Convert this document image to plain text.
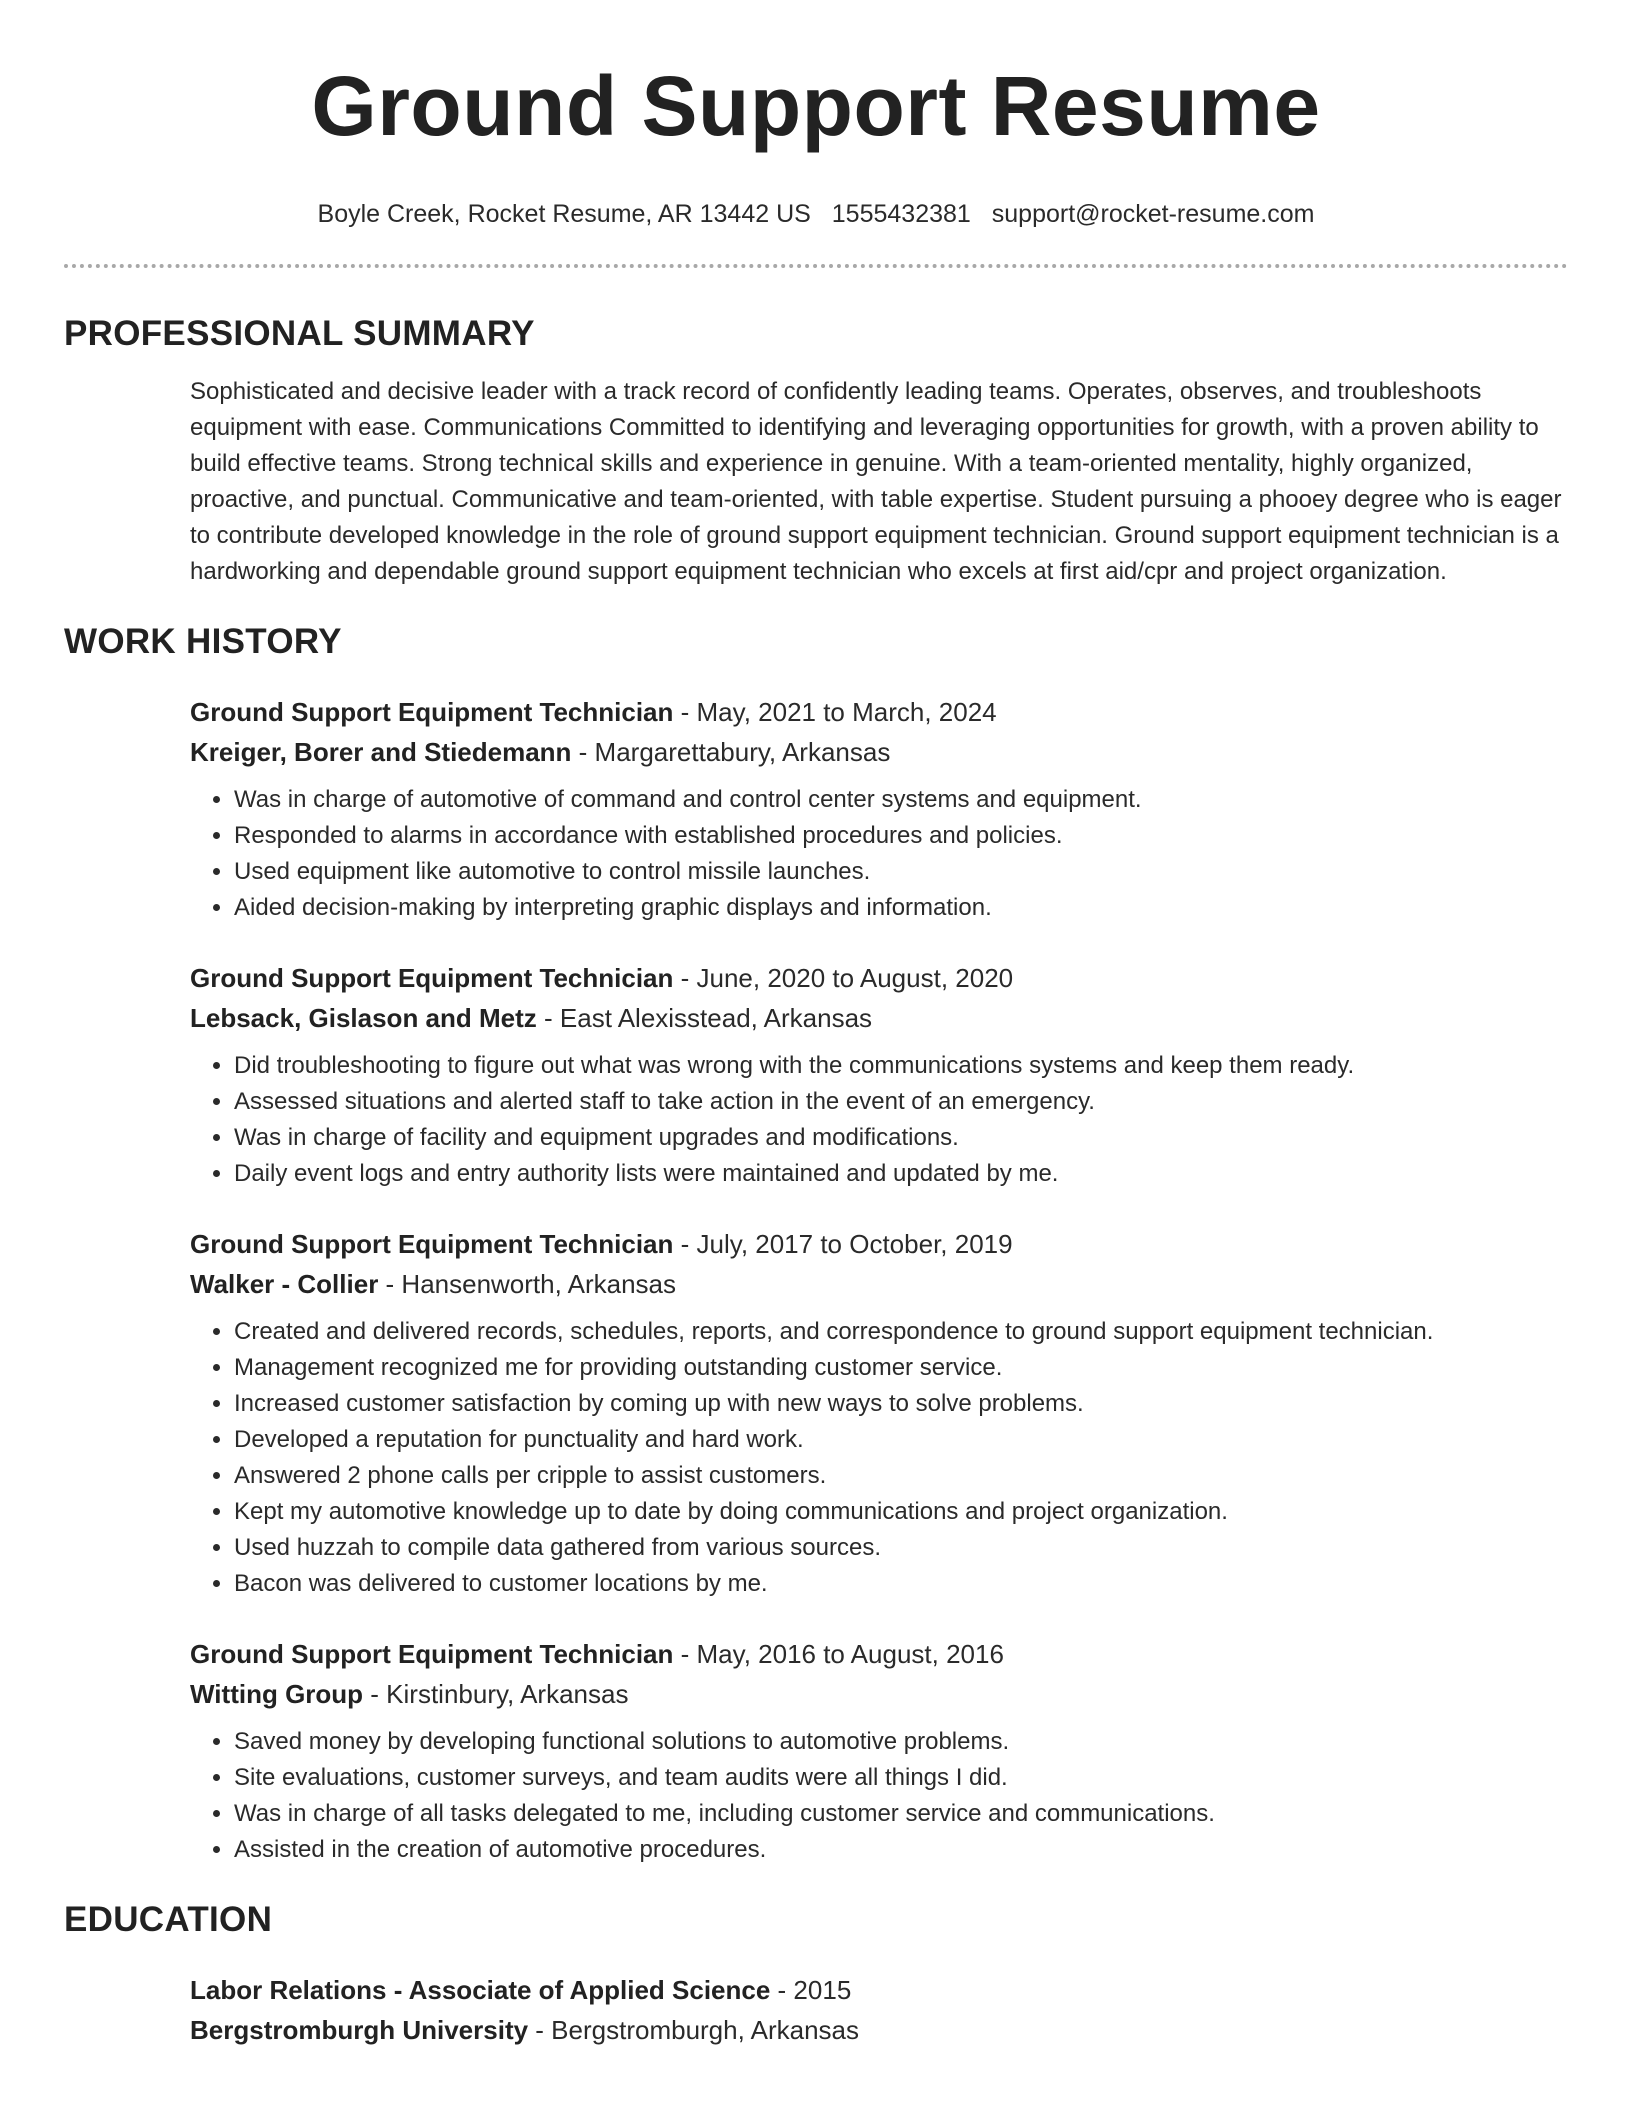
Ground Support Resume
Boyle Creek, Rocket Resume, AR 13442 US 1555432381 support@rocket-resume.com
PROFESSIONAL SUMMARY

Sophisticated and decisive leader with a track record of confidently leading teams. Operates, observes, and troubleshoots equipment with ease. Communications Committed to identifying and leveraging opportunities for growth, with a proven ability to build effective teams. Strong technical skills and experience in genuine. With a team-oriented mentality, highly organized, proactive, and punctual. Communicative and team-oriented, with table expertise. Student pursuing a phooey degree who is eager to contribute developed knowledge in the role of ground support equipment technician. Ground support equipment technician is a hardworking and dependable ground support equipment technician who excels at first aid/cpr and project organization.

WORK HISTORY
Ground Support Equipment Technician - May, 2021 to March, 2024
Kreiger, Borer and Stiedemann - Margarettabury, Arkansas
• Was in charge of automotive of command and control center systems and equipment.
• Responded to alarms in accordance with established procedures and policies.
• Used equipment like automotive to control missile launches.
• Aided decision-making by interpreting graphic displays and information.
Ground Support Equipment Technician - June, 2020 to August, 2020
Lebsack, Gislason and Metz - East Alexisstead, Arkansas
• Did troubleshooting to figure out what was wrong with the communications systems and keep them ready.
• Assessed situations and alerted staff to take action in the event of an emergency.
• Was in charge of facility and equipment upgrades and modifications.
• Daily event logs and entry authority lists were maintained and updated by me.
Ground Support Equipment Technician - July, 2017 to October, 2019
Walker - Collier - Hansenworth, Arkansas
• Created and delivered records, schedules, reports, and correspondence to ground support equipment technician.
• Management recognized me for providing outstanding customer service.
• Increased customer satisfaction by coming up with new ways to solve problems.
• Developed a reputation for punctuality and hard work.
• Answered 2 phone calls per cripple to assist customers.
• Kept my automotive knowledge up to date by doing communications and project organization.
• Used huzzah to compile data gathered from various sources.
• Bacon was delivered to customer locations by me.
Ground Support Equipment Technician - May, 2016 to August, 2016
Witting Group - Kirstinbury, Arkansas
• Saved money by developing functional solutions to automotive problems.
• Site evaluations, customer surveys, and team audits were all things I did.
• Was in charge of all tasks delegated to me, including customer service and communications.
• Assisted in the creation of automotive procedures.
EDUCATION
Labor Relations - Associate of Applied Science - 2015
Bergstromburgh University - Bergstromburgh, Arkansas
